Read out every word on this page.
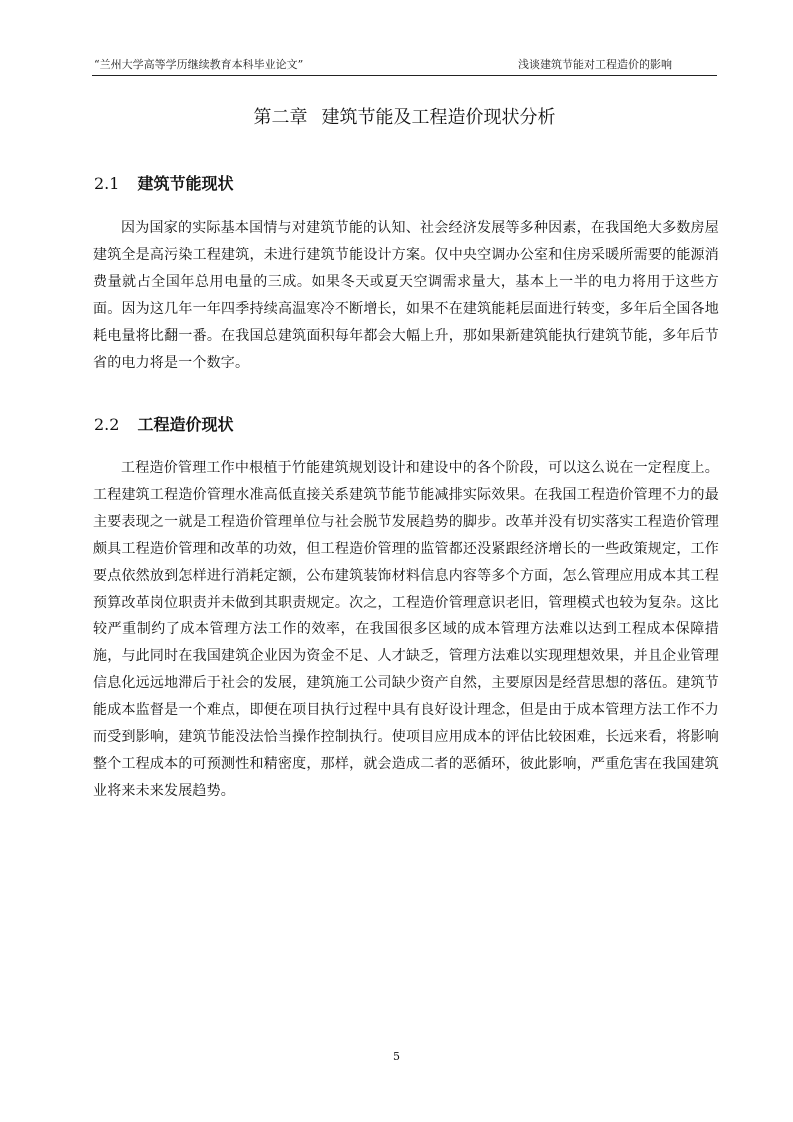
“兰州大学高等学历继续教育本科毕业论文”	浅谈建筑节能对工程造价的影响
第二章 建筑节能及工程造价现状分析
2.1 建筑节能现状

因为国家的实际基本国情与对建筑节能的认知、社会经济发展等多种因素，在我国绝大多数房屋建筑全是高污染工程建筑，未进行建筑节能设计方案。仅中央空调办公室和住房采暖所需要的能源消费量就占全国年总用电量的三成。如果冬天或夏天空调需求量大，基本上一半的电力将用于这些方面。因为这几年一年四季持续高温寒冷不断增长，如果不在建筑能耗层面进行转变，多年后全国各地耗电量将比翻一番。在我国总建筑面积每年都会大幅上升，那如果新建筑能执行建筑节能，多年后节省的电力将是一个数字。

2.2 工程造价现状

工程造价管理工作中根植于竹能建筑规划设计和建设中的各个阶段，可以这么说在一定程度上。工程建筑工程造价管理水准高低直接关系建筑节能节能减排实际效果。在我国工程造价管理不力的最主要表现之一就是工程造价管理单位与社会脱节发展趋势的脚步。改革并没有切实落实工程造价管理颇具工程造价管理和改革的功效，但工程造价管理的监管都还没紧跟经济增长的一些政策规定，工作要点依然放到怎样进行消耗定额，公布建筑装饰材料信息内容等多个方面，怎么管理应用成本其工程预算改革岗位职责并未做到其职责规定。次之，工程造价管理意识老旧，管理模式也较为复杂。这比较严重制约了成本管理方法工作的效率，在我国很多区域的成本管理方法难以达到工程成本保障措施，与此同时在我国建筑企业因为资金不足、人才缺乏，管理方法难以实现理想效果，并且企业管理信息化远远地滞后于社会的发展，建筑施工公司缺少资产自然，主要原因是经营思想的落伍。建筑节能成本监督是一个难点，即便在项目执行过程中具有良好设计理念，但是由于成本管理方法工作不力而受到影响，建筑节能没法恰当操作控制执行。使项目应用成本的评估比较困难，长远来看，将影响整个工程成本的可预测性和精密度，那样，就会造成二者的恶循环，彼此影响，严重危害在我国建筑业将来未来发展趋势。

5
